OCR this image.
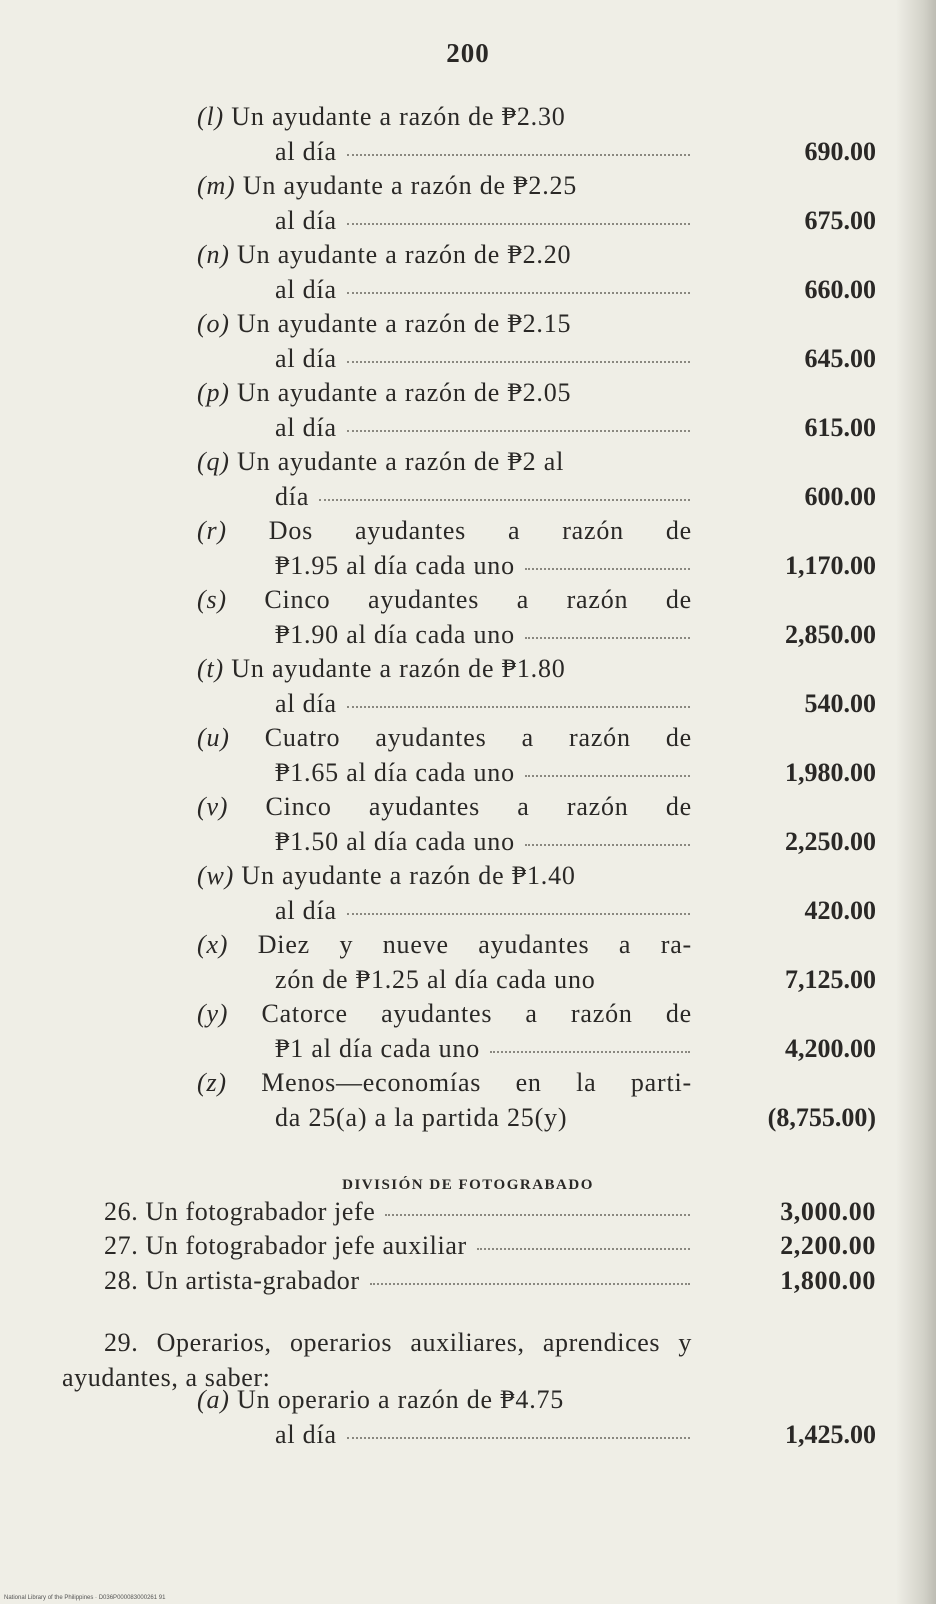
200
(l) Un ayudante a razón de ₱2.30
al día	690.00
(m) Un ayudante a razón de ₱2.25
al día	675.00
(n) Un ayudante a razón de ₱2.20
al día	660.00
(o) Un ayudante a razón de ₱2.15
al día	645.00
(p) Un ayudante a razón de ₱2.05
al día	615.00
(q) Un ayudante a razón de ₱2 al
día	600.00
(r) Dos ayudantes a razón de
₱1.95 al día cada uno	1,170.00
(s) Cinco ayudantes a razón de
₱1.90 al día cada uno	2,850.00
(t) Un ayudante a razón de ₱1.80
al día	540.00
(u) Cuatro ayudantes a razón de
₱1.65 al día cada uno	1,980.00
(v) Cinco ayudantes a razón de
₱1.50 al día cada uno	2,250.00
(w) Un ayudante a razón de ₱1.40
al día	420.00
(x) Diez y nueve ayudantes a ra-
zón de ₱1.25 al día cada uno	7,125.00
(y) Catorce ayudantes a razón de
₱1 al día cada uno	4,200.00
(z) Menos—economías en la parti-
da 25(a) a la partida 25(y)	(8,755.00)
DIVISIÓN DE FOTOGRABADO
26. Un fotograbador jefe	3,000.00
27. Un fotograbador jefe auxiliar	2,200.00
28. Un artista-grabador	1,800.00
29. Operarios, operarios auxiliares, aprendices y ayudantes, a saber:
(a) Un operario a razón de ₱4.75
al día	1,425.00
National Library of the Philippines · D036P000083000261 91
